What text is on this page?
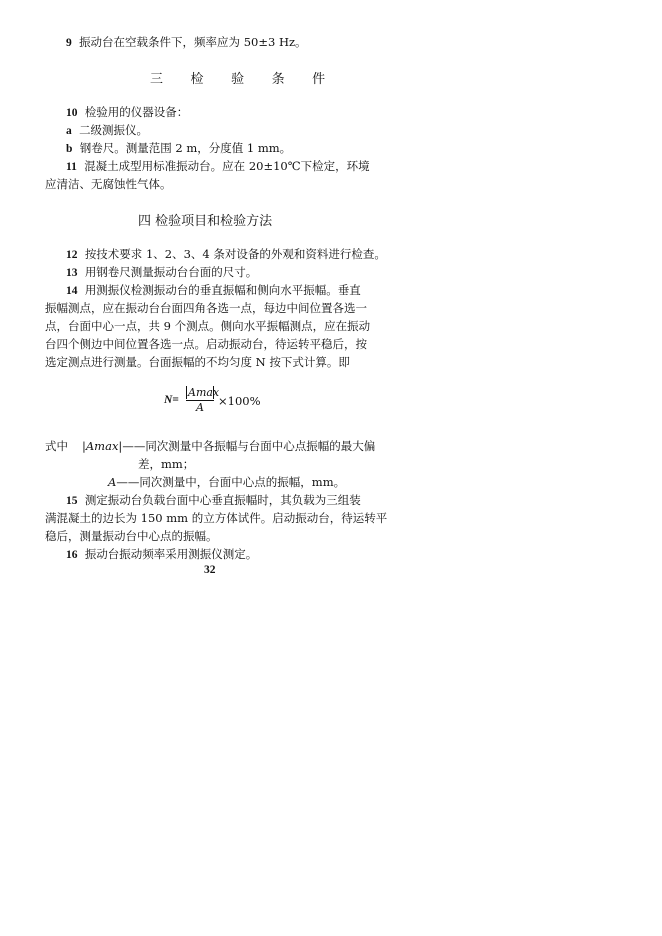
9 振动台在空载条件下，频率应为 50±3 Hz。
三 检 验 条 件
10 检验用的仪器设备：
a 二级测振仪。
b 钢卷尺。测量范围 2 m，分度值 1 mm。
11 混凝土成型用标准振动台。应在 20±10℃下检定，环境
应清洁、无腐蚀性气体。
四 检验项目和检验方法
12 按技术要求 1、2、3、4 条对设备的外观和资料进行检查。
13 用钢卷尺测量振动台台面的尺寸。
14 用测振仪检测振动台的垂直振幅和侧向水平振幅。垂直
振幅测点，应在振动台台面四角各选一点，每边中间位置各选一
点，台面中心一点，共 9 个测点。侧向水平振幅测点，应在振动
台四个侧边中间位置各选一点。启动振动台，待运转平稳后，按
选定测点进行测量。台面振幅的不均匀度 N 按下式计算。即
N=
Amax
A	×100%
式中 |Amax|——同次测量中各振幅与台面中心点振幅的最大偏
差，mm；
A——同次测量中，台面中心点的振幅，mm。
15 测定振动台负载台面中心垂直振幅时，其负载为三组装
满混凝土的边长为 150 mm 的立方体试件。启动振动台，待运转平
稳后，测量振动台中心点的振幅。
16 振动台振动频率采用测振仪测定。
32
